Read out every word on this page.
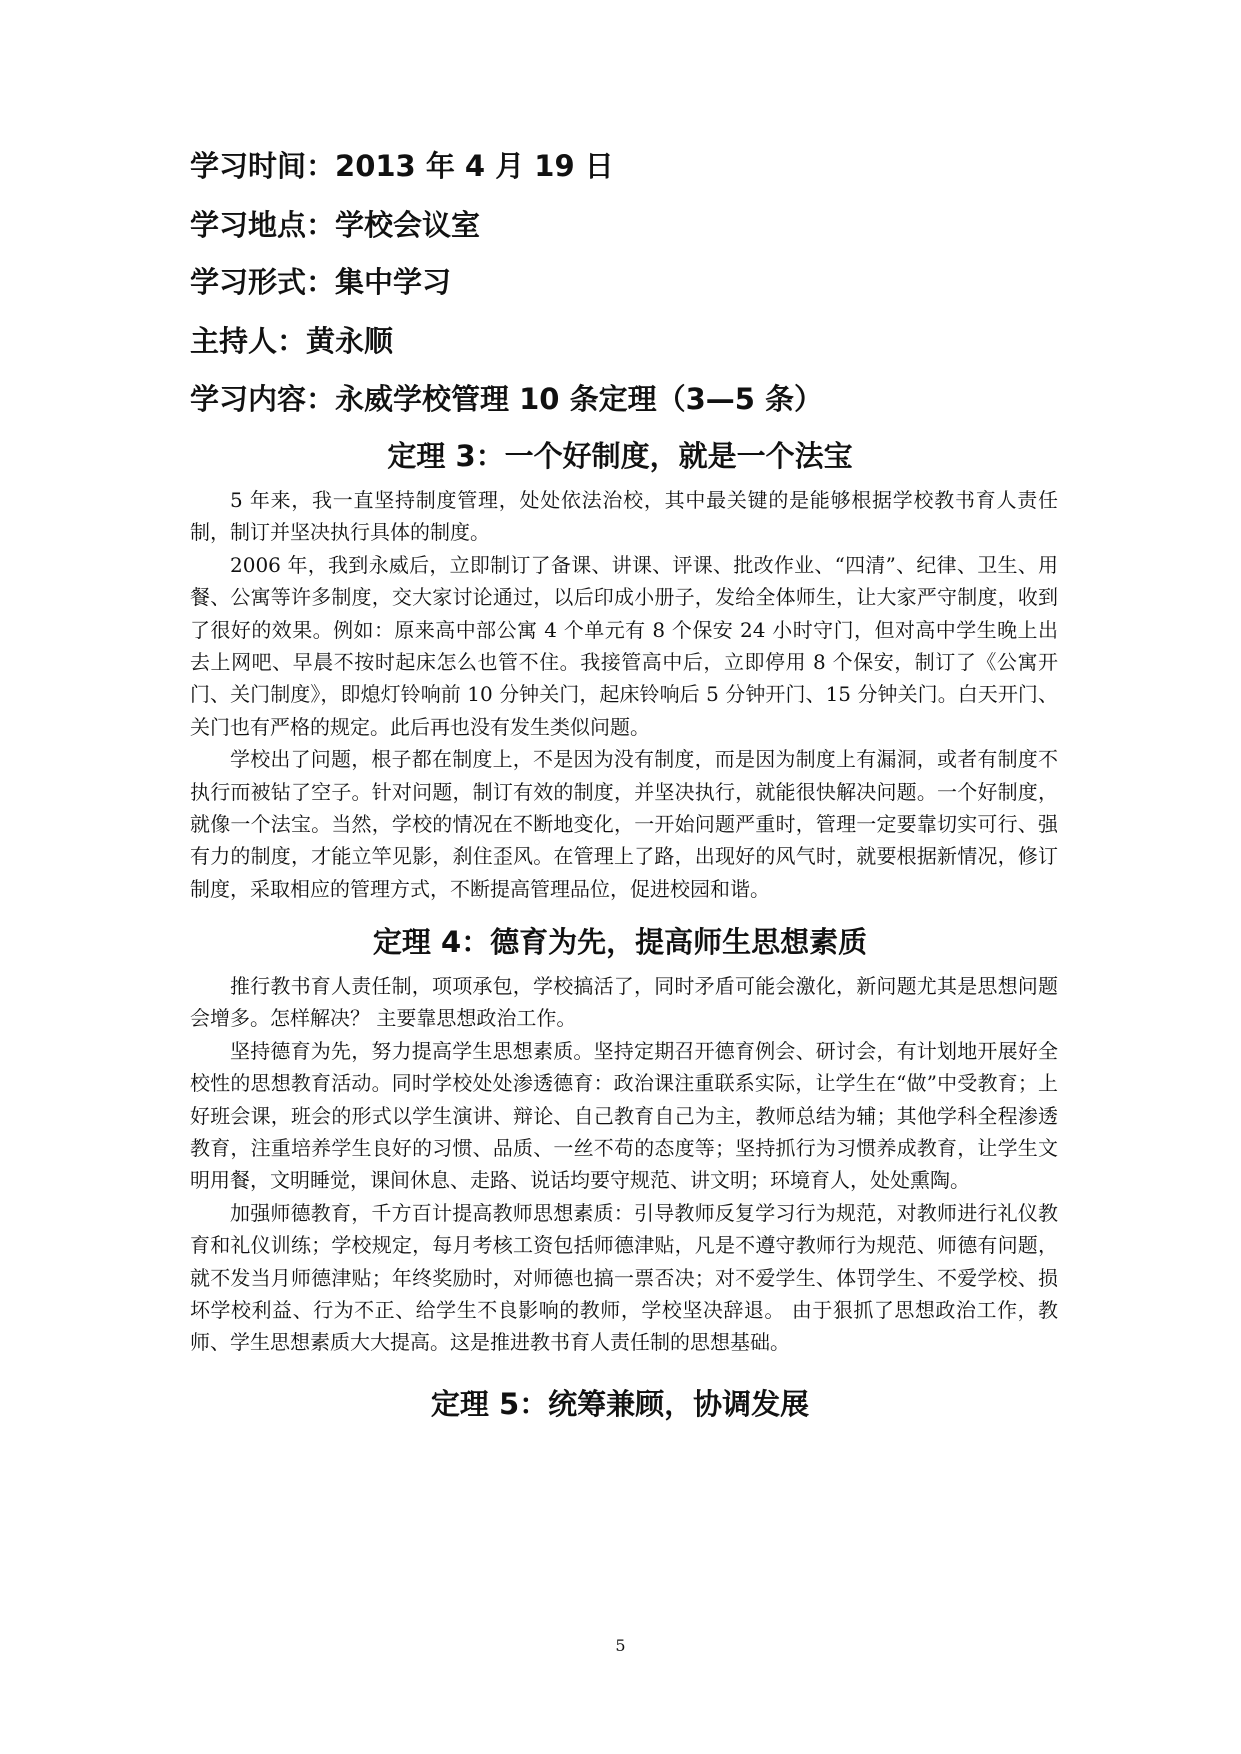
学习时间：2013 年 4 月 19 日
学习地点：学校会议室
学习形式：集中学习
主持人：黄永顺
学习内容：永威学校管理 10 条定理（3—5 条）
定理 3：一个好制度，就是一个法宝

5 年来，我一直坚持制度管理，处处依法治校，其中最关键的是能够根据学校教书育人责任制，制订并坚决执行具体的制度。

2006 年，我到永威后，立即制订了备课、讲课、评课、批改作业、“四清”、纪律、卫生、用餐、公寓等许多制度，交大家讨论通过，以后印成小册子，发给全体师生，让大家严守制度，收到了很好的效果。例如：原来高中部公寓 4 个单元有 8 个保安 24 小时守门，但对高中学生晚上出去上网吧、早晨不按时起床怎么也管不住。我接管高中后，立即停用 8 个保安，制订了《公寓开门、关门制度》，即熄灯铃响前 10 分钟关门，起床铃响后 5 分钟开门、15 分钟关门。白天开门、关门也有严格的规定。此后再也没有发生类似问题。

学校出了问题，根子都在制度上，不是因为没有制度，而是因为制度上有漏洞，或者有制度不执行而被钻了空子。针对问题，制订有效的制度，并坚决执行，就能很快解决问题。一个好制度，就像一个法宝。当然，学校的情况在不断地变化，一开始问题严重时，管理一定要靠切实可行、强有力的制度，才能立竿见影，刹住歪风。在管理上了路，出现好的风气时，就要根据新情况，修订制度，采取相应的管理方式，不断提高管理品位，促进校园和谐。

定理 4：德育为先，提高师生思想素质

推行教书育人责任制，项项承包，学校搞活了，同时矛盾可能会激化，新问题尤其是思想问题会增多。怎样解决？ 主要靠思想政治工作。

坚持德育为先，努力提高学生思想素质。坚持定期召开德育例会、研讨会，有计划地开展好全校性的思想教育活动。同时学校处处渗透德育：政治课注重联系实际，让学生在“做”中受教育；上好班会课，班会的形式以学生演讲、辩论、自己教育自己为主，教师总结为辅；其他学科全程渗透教育，注重培养学生良好的习惯、品质、一丝不苟的态度等；坚持抓行为习惯养成教育，让学生文明用餐，文明睡觉，课间休息、走路、说话均要守规范、讲文明；环境育人，处处熏陶。

加强师德教育，千方百计提高教师思想素质：引导教师反复学习行为规范，对教师进行礼仪教育和礼仪训练；学校规定，每月考核工资包括师德津贴，凡是不遵守教师行为规范、师德有问题，就不发当月师德津贴；年终奖励时，对师德也搞一票否决；对不爱学生、体罚学生、不爱学校、损坏学校利益、行为不正、给学生不良影响的教师，学校坚决辞退。 由于狠抓了思想政治工作，教师、学生思想素质大大提高。这是推进教书育人责任制的思想基础。

定理 5：统筹兼顾，协调发展
5
